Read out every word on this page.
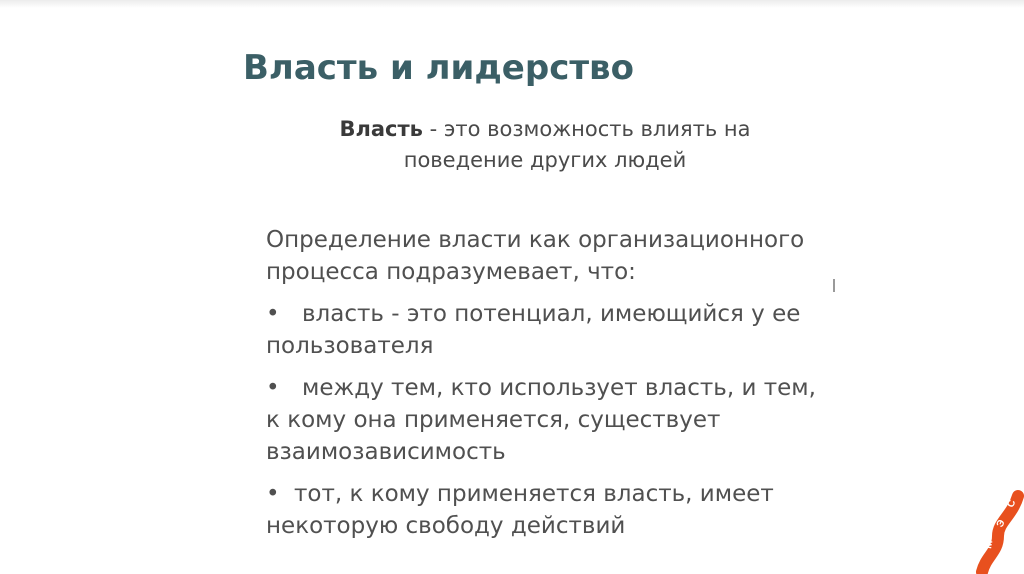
Власть и лидерство
Власть - это возможность влиять на
поведение других людей

Определение власти как организационного
процесса подразумевает, что:

• власть - это потенциал, имеющийся у ее
пользователя

• между тем, кто использует власть, и тем,
к кому она применяется, существует
взаимозависимость

• тот, к кому применяется власть, имеет
некоторую свободу действий

И
М
Э
С
